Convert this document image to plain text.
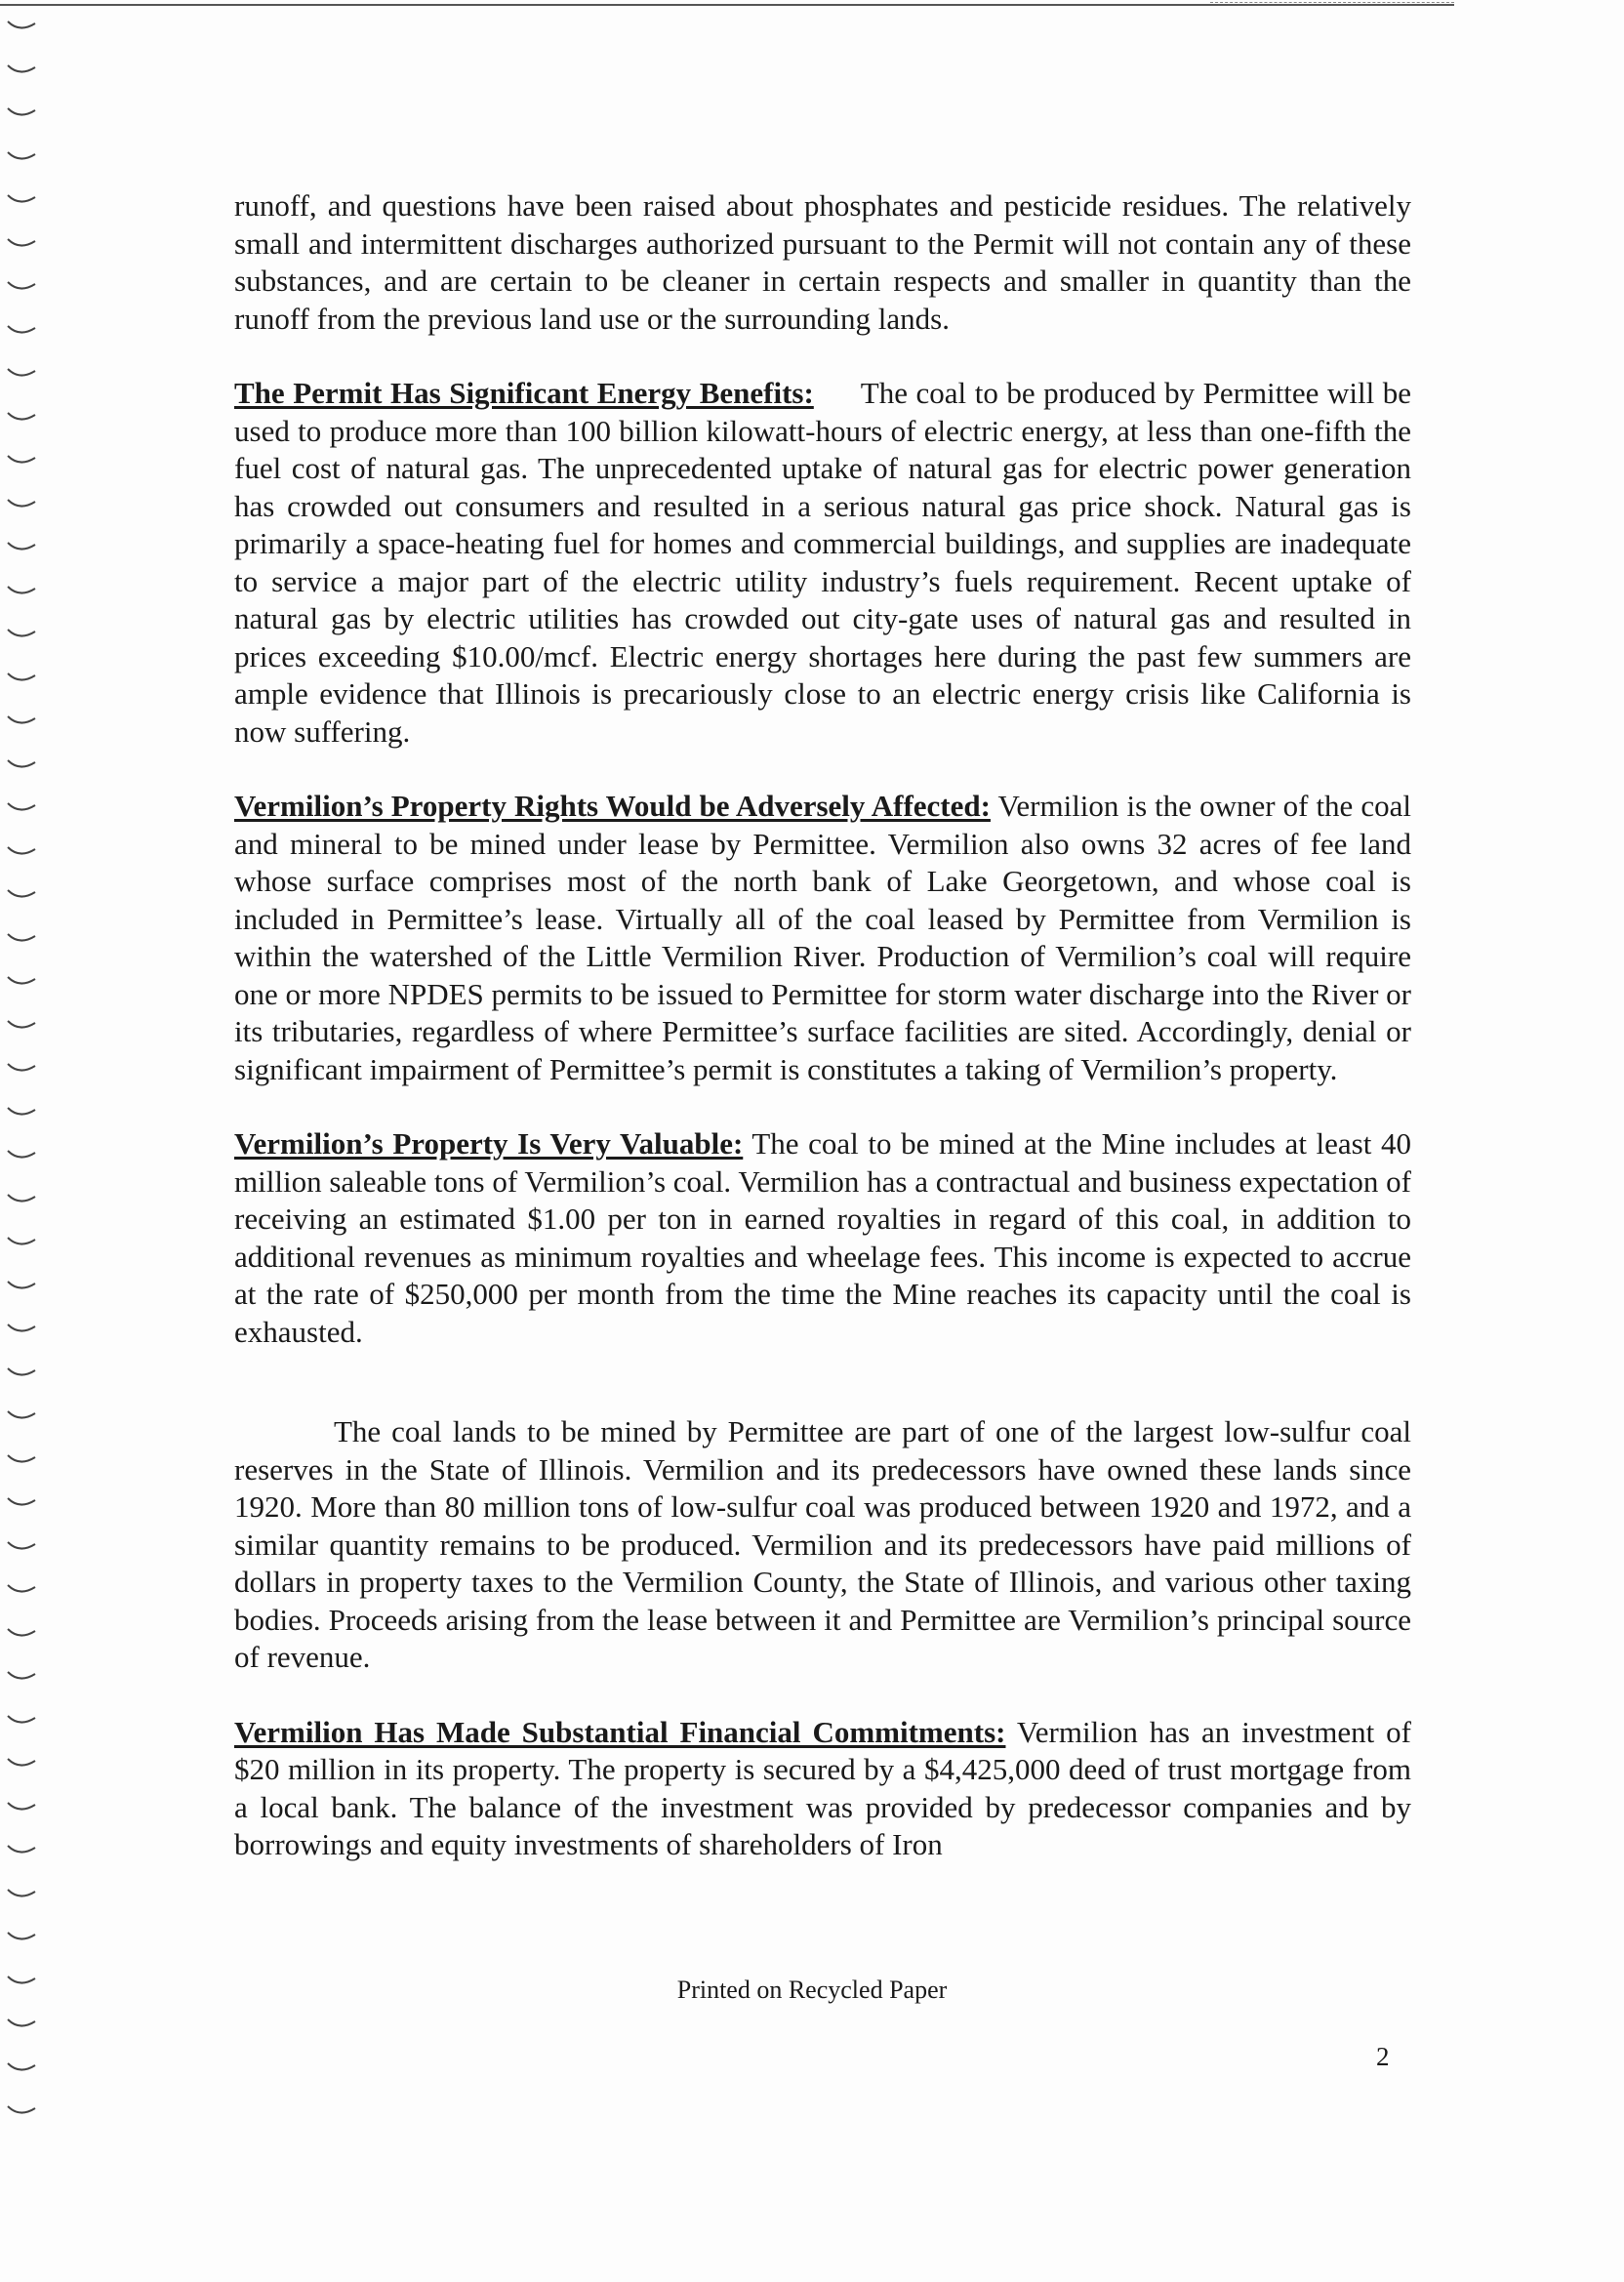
runoff, and questions have been raised about phosphates and pesticide residues. The relatively small and intermittent discharges authorized pursuant to the Permit will not contain any of these substances, and are certain to be cleaner in certain respects and smaller in quantity than the runoff from the previous land use or the surrounding lands.

The Permit Has Significant Energy Benefits: The coal to be produced by Permittee will be used to produce more than 100 billion kilowatt-hours of electric energy, at less than one-fifth the fuel cost of natural gas. The unprecedented uptake of natural gas for electric power generation has crowded out consumers and resulted in a serious natural gas price shock. Natural gas is primarily a space-heating fuel for homes and commercial buildings, and supplies are inadequate to service a major part of the electric utility industry’s fuels requirement. Recent uptake of natural gas by electric utilities has crowded out city-gate uses of natural gas and resulted in prices exceeding $10.00/mcf. Electric energy shortages here during the past few summers are ample evidence that Illinois is precariously close to an electric energy crisis like California is now suffering.

Vermilion’s Property Rights Would be Adversely Affected: Vermilion is the owner of the coal and mineral to be mined under lease by Permittee. Vermilion also owns 32 acres of fee land whose surface comprises most of the north bank of Lake Georgetown, and whose coal is included in Permittee’s lease. Virtually all of the coal leased by Permittee from Vermilion is within the watershed of the Little Vermilion River. Production of Vermilion’s coal will require one or more NPDES permits to be issued to Permittee for storm water discharge into the River or its tributaries, regardless of where Permittee’s surface facilities are sited. Accordingly, denial or significant impairment of Permittee’s permit is constitutes a taking of Vermilion’s property.

Vermilion’s Property Is Very Valuable: The coal to be mined at the Mine includes at least 40 million saleable tons of Vermilion’s coal. Vermilion has a contractual and business expectation of receiving an estimated $1.00 per ton in earned royalties in regard of this coal, in addition to additional revenues as minimum royalties and wheelage fees. This income is expected to accrue at the rate of $250,000 per month from the time the Mine reaches its capacity until the coal is exhausted.

The coal lands to be mined by Permittee are part of one of the largest low-sulfur coal reserves in the State of Illinois. Vermilion and its predecessors have owned these lands since 1920. More than 80 million tons of low-sulfur coal was produced between 1920 and 1972, and a similar quantity remains to be produced. Vermilion and its predecessors have paid millions of dollars in property taxes to the Vermilion County, the State of Illinois, and various other taxing bodies. Proceeds arising from the lease between it and Permittee are Vermilion’s principal source of revenue.

Vermilion Has Made Substantial Financial Commitments: Vermilion has an investment of $20 million in its property. The property is secured by a $4,425,000 deed of trust mortgage from a local bank. The balance of the investment was provided by predecessor companies and by borrowings and equity investments of shareholders of Iron

Printed on Recycled Paper
2
